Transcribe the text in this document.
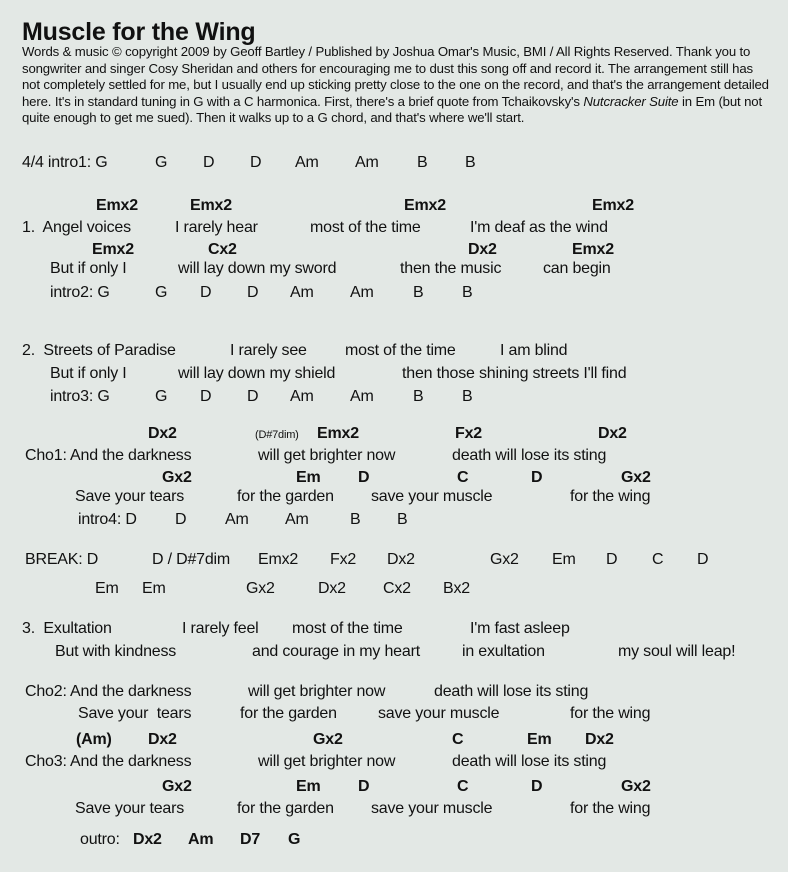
Muscle for the Wing
Words & music © copyright 2009 by Geoff Bartley / Published by Joshua Omar's Music, BMI / All Rights Reserved. Thank you to songwriter and singer Cosy Sheridan and others for encouraging me to dust this song off and record it. The arrangement still has not completely settled for me, but I usually end up sticking pretty close to the one on the record, and that's the arrangement detailed here. It's in standard tuning in G with a C harmonica. First, there's a brief quote from Tchaikovsky's Nutcracker Suite in Em (but not quite enough to get me sued). Then it walks up to a G chord, and that's where we'll start.
4/4 intro1: G	G D D Am Am B B
Emx2	Emx2	Emx2	Emx2
1.  Angel voices	I rarely hear	most of the time	I'm deaf as the wind
Emx2	Cx2	Dx2	Emx2
But if only I	will lay down my sword	then the music	can begin
intro2: G	G D D Am Am B B
2.  Streets of Paradise	I rarely see most of the time	I am blind
But if only I	will lay down my shield	then those shining streets I'll find
intro3: G	G D D Am Am B B
Dx2	(D#7dim) Emx2	Fx2	Dx2
Cho1: And the darkness	will get brighter now	death will lose its sting
Gx2	Em D	C	D	Gx2
Save your tears	for the garden save your muscle	for the wing
intro4: D D Am Am	B B
BREAK: D	D / D#7dim Emx2 Fx2 Dx2	Gx2 Em D C D
Em Em	Gx2	Dx2 Cx2 Bx2
3.  Exultation	I rarely feel most of the time	I'm fast asleep
But with kindness	and courage in my heart	in exultation	my soul will leap!
Cho2: And the darkness	will get brighter now	death will lose its sting
Save your  tears	for the garden	save your muscle	for the wing
(Am) Dx2	Gx2	C	Em Dx2
Cho3: And the darkness	will get brighter now	death will lose its sting
Gx2	Em D	C	D	Gx2
Save your tears	for the garden save your muscle	for the wing
outro: Dx2 Am D7 G
